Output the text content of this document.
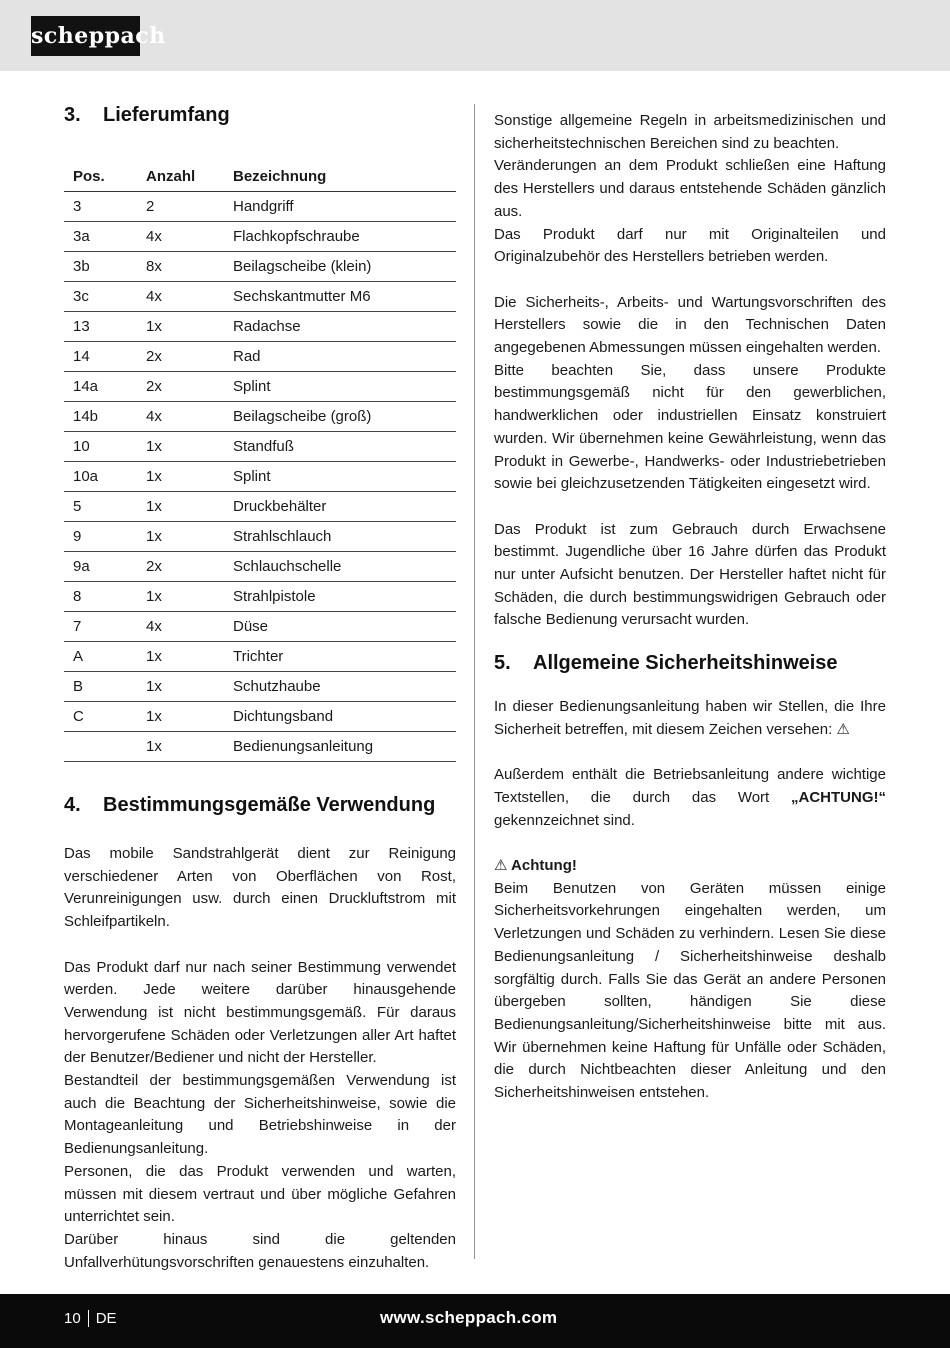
scheppach
3.	Lieferumfang
Pos.	Anzahl	Bezeichnung
3	2	Handgriff
3a	4x	Flachkopfschraube
3b	8x	Beilagscheibe (klein)
3c	4x	Sechskantmutter M6
13	1x	Radachse
14	2x	Rad
14a	2x	Splint
14b	4x	Beilagscheibe (groß)
10	1x	Standfuß
10a	1x	Splint
5	1x	Druckbehälter
9	1x	Strahlschlauch
9a	2x	Schlauchschelle
8	1x	Strahlpistole
7	4x	Düse
A	1x	Trichter
B	1x	Schutzhaube
C	1x	Dichtungsband
	1x	Bedienungsanleitung
4.	Bestimmungsgemäße Verwendung

Das mobile Sandstrahlgerät dient zur Reinigung verschiedener Arten von Oberflächen von Rost, Verunreinigungen usw. durch einen Druckluftstrom mit Schleifpartikeln.

Das Produkt darf nur nach seiner Bestimmung verwendet werden. Jede weitere darüber hinausgehende Verwendung ist nicht bestimmungsgemäß. Für daraus hervorgerufene Schäden oder Verletzungen aller Art haftet der Benutzer/Bediener und nicht der Hersteller.

Bestandteil der bestimmungsgemäßen Verwendung ist auch die Beachtung der Sicherheitshinweise, sowie die Montageanleitung und Betriebshinweise in der Bedienungsanleitung.

Personen, die das Produkt verwenden und warten, müssen mit diesem vertraut und über mögliche Gefahren unterrichtet sein.

Darüber hinaus sind die geltenden Unfallverhütungsvorschriften genauestens einzuhalten.

Sonstige allgemeine Regeln in arbeitsmedizinischen und sicherheitstechnischen Bereichen sind zu beachten.

Veränderungen an dem Produkt schließen eine Haftung des Herstellers und daraus entstehende Schäden gänzlich aus.

Das Produkt darf nur mit Originalteilen und Originalzubehör des Herstellers betrieben werden.

Die Sicherheits-, Arbeits- und Wartungsvorschriften des Herstellers sowie die in den Technischen Daten angegebenen Abmessungen müssen eingehalten werden.

Bitte beachten Sie, dass unsere Produkte bestimmungsgemäß nicht für den gewerblichen, handwerklichen oder industriellen Einsatz konstruiert wurden. Wir übernehmen keine Gewährleistung, wenn das Produkt in Gewerbe-, Handwerks- oder Industriebetrieben sowie bei gleichzusetzenden Tätigkeiten eingesetzt wird.

Das Produkt ist zum Gebrauch durch Erwachsene bestimmt. Jugendliche über 16 Jahre dürfen das Produkt nur unter Aufsicht benutzen. Der Hersteller haftet nicht für Schäden, die durch bestimmungswidrigen Gebrauch oder falsche Bedienung verursacht wurden.

5.	Allgemeine Sicherheitshinweise

In dieser Bedienungsanleitung haben wir Stellen, die Ihre Sicherheit betreffen, mit diesem Zeichen versehen: ⚠

Außerdem enthält die Betriebsanleitung andere wichtige Textstellen, die durch das Wort „ACHTUNG!“ gekennzeichnet sind.

⚠ Achtung!

Beim Benutzen von Geräten müssen einige Sicherheitsvorkehrungen eingehalten werden, um Verletzungen und Schäden zu verhindern. Lesen Sie diese Bedienungsanleitung / Sicherheitshinweise deshalb sorgfältig durch. Falls Sie das Gerät an andere Personen übergeben sollten, händigen Sie diese Bedienungsanleitung/Sicherheitshinweise bitte mit aus. Wir übernehmen keine Haftung für Unfälle oder Schäden, die durch Nichtbeachten dieser Anleitung und den Sicherheitshinweisen entstehen.

10 DE	www.scheppach.com
